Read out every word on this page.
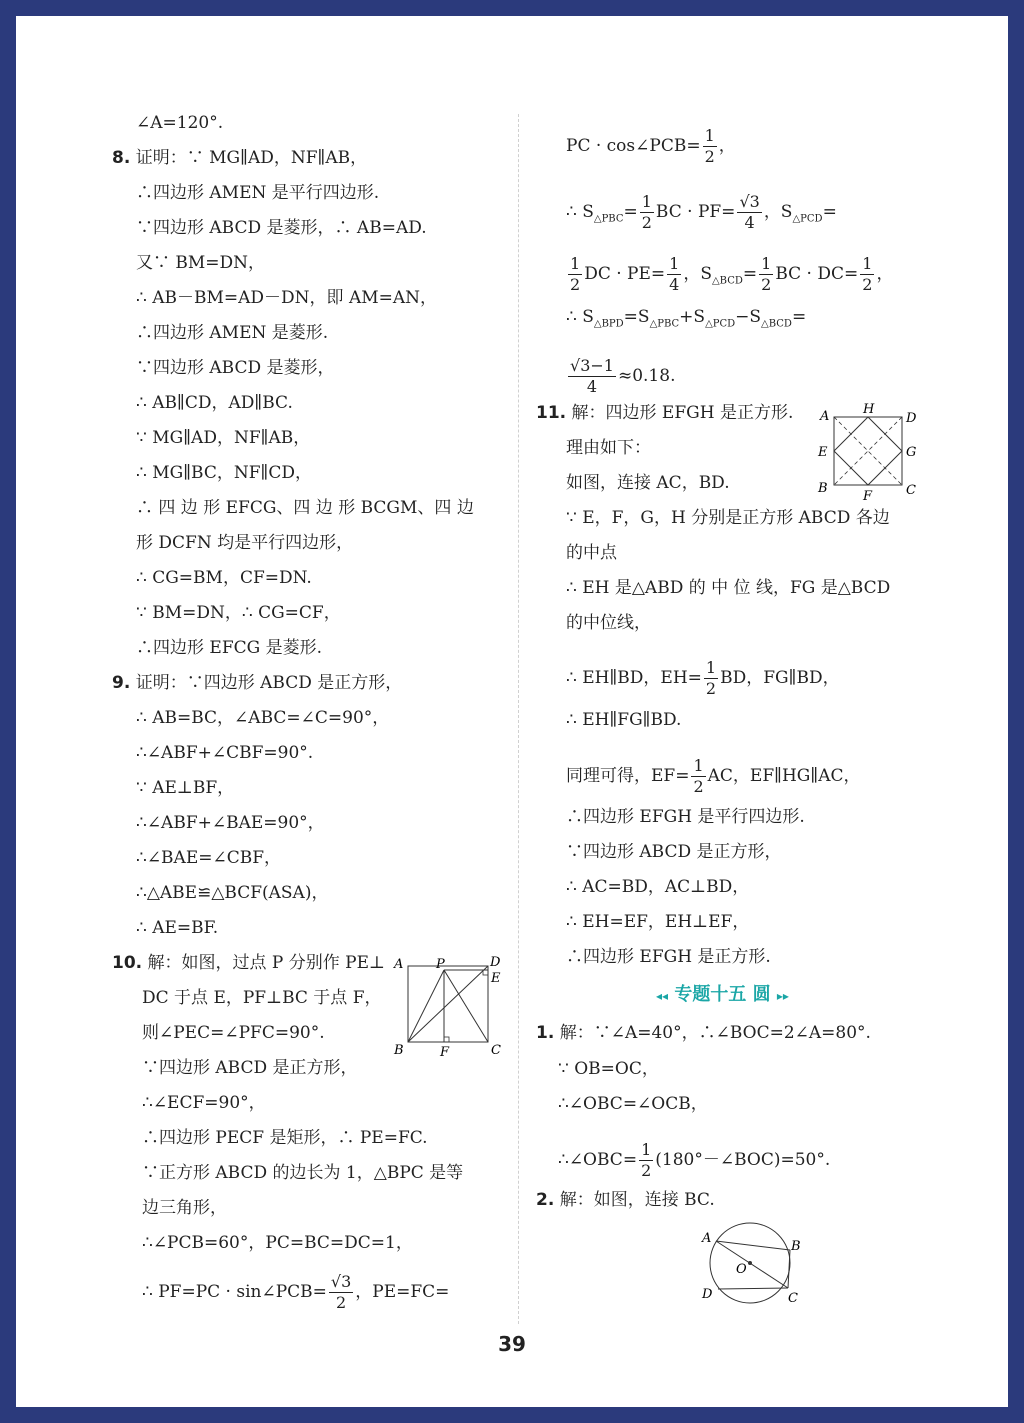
∠A=120°.
8. 证明：∵ MG∥AD，NF∥AB，
∴四边形 AMEN 是平行四边形.
∵四边形 ABCD 是菱形，∴ AB=AD.
又∵ BM=DN，
∴ AB－BM=AD－DN，即 AM=AN，
∴四边形 AMEN 是菱形.
∵四边形 ABCD 是菱形，
∴ AB∥CD，AD∥BC.
∵ MG∥AD，NF∥AB，
∴ MG∥BC，NF∥CD，
∴ 四 边 形 EFCG、四 边 形 BCGM、四 边
形 DCFN 均是平行四边形，
∴ CG=BM，CF=DN.
∵ BM=DN，∴ CG=CF，
∴四边形 EFCG 是菱形.
9. 证明：∵四边形 ABCD 是正方形，
∴ AB=BC，∠ABC=∠C=90°，
∴∠ABF+∠CBF=90°.
∵ AE⊥BF，
∴∠ABF+∠BAE=90°，
∴∠BAE=∠CBF，
∴△ABE≌△BCF(ASA)，
∴ AE=BF.
10. 解：如图，过点 P 分别作 PE⊥
DC 于点 E，PF⊥BC 于点 F，
则∠PEC=∠PFC=90°.
∵四边形 ABCD 是正方形，
∴∠ECF=90°，
∴四边形 PECF 是矩形，∴ PE=FC.
∵正方形 ABCD 的边长为 1，△BPC 是等
边三角形，
∴∠PCB=60°，PC=BC=DC=1，
∴ PF=PC · sin∠PCB= $\frac{√3}{2}$ ，PE=FC=
A	P	D
E
B	F	C
PC · cos∠PCB= $\frac{1}{2}$ ，
∴ $S_{\triangle PBC}= \frac{1}{2}$ BC · $PF= \frac{√3}{4}$ ，$S_{\triangle PCD}=$
$\frac{1}{2}$ DC · $PE= \frac{1}{4}$ ，$S_{\triangle BCD}= \frac{1}{2}$ BC · $DC= \frac{1}{2}$ ，
∴ $S_{\triangle BPD}=S_{\triangle PBC}+S_{\triangle PCD}-S_{\triangle BCD}=$
$\frac{√3-1}{4} \approx 0.18$.
11. 解：四边形 EFGH 是正方形.
理由如下：
如图，连接 AC，BD.
∵ E，F，G，H 分别是正方形 ABCD 各边
的中点
∴ EH 是△ABD 的 中 位 线，FG 是△BCD
的中位线，
∴ EH∥BD，$EH= \frac{1}{2}$ BD，FG∥BD，
∴ EH∥FG∥BD.
同理可得，$EF= \frac{1}{2}$ AC，EF∥HG∥AC，
∴四边形 EFGH 是平行四边形.
∵四边形 ABCD 是正方形，
∴ AC=BD，AC⊥BD，
∴ EH=EF，EH⊥EF，
∴四边形 EFGH 是正方形.
A	H
D
E	G
B
F	C
◂◂ 专题十五 圆 ▸▸
1. 解：∵∠A=40°，∴∠BOC=2∠A=80°.
∵ OB=OC，
∴∠OBC=∠OCB，
∴∠OBC= $\frac{1}{2}$ (180°－∠BOC)=50°.
2. 解：如图，连接 BC.
A
B
O
D	C
39
